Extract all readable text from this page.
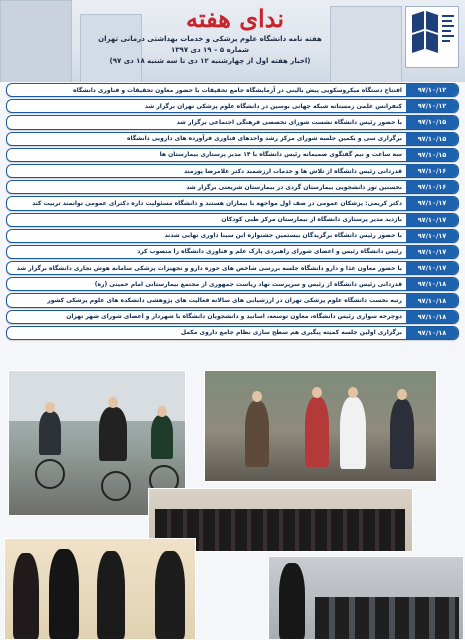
ندای هفته
هفته نامه دانشگاه علوم پزشکی و خدمات بهداشتی درمانی تهران
شماره ۵ – ۱۹ دی ۱۳۹۷
(اخبار هفته اول از چهارشنبه ۱۲ دی تا سه شنبه ۱۸ دی ۹۷)
۹۷/۱۰/۱۲
افتتاح دستگاه میکروسکوپی پیش بالینی در آزمایشگاه جامع تحقیقات با حضور معاون تحقیقات و فناوری دانشگاه
۹۷/۱۰/۱۲
کنفرانس علمی زمستانه شبکه جهانی بوسین در دانشگاه علوم پزشکی تهران برگزار شد
۹۷/۱۰/۱۵
با حضور رئیس دانشگاه نشست شورای تخصصی فرهنگی اجتماعی برگزار شد
۹۷/۱۰/۱۵
برگزاری سی و یکمین جلسه شورای مرکز رشد واحدهای فناوری فرآورده های دارویی دانشگاه
۹۷/۱۰/۱۵
سه ساعت و نیم گفتگوی صمیمانه رئیس دانشگاه با ۱۴ مدیر پرستاری بیمارستان ها
۹۷/۱۰/۱۶
قدردانی رئیس دانشگاه از تلاش ها و خدمات ارزشمند دکتر غلامرضا پورمند
۹۷/۱۰/۱۶
نخستین تور دانشجویی بیمارستان گردی در بیمارستان شریعتی برگزار شد
۹۷/۱۰/۱۷
دکتر کریمی: پزشکان عمومی در صف اول مواجهه با بیماران هستند و دانشگاه مسئولیت داره دکترای عمومی توانمند تربیت کند
۹۷/۱۰/۱۷
بازدید مدیر پرستاری دانشگاه از بیمارستان مرکز طبی کودکان
۹۷/۱۰/۱۷
با حضور رئیس دانشگاه برگزیدگان بیستمین جشنواره ابن سینا داوری نهایی شدند
۹۷/۱۰/۱۷
رئیس دانشگاه رئیس و اعضای شورای راهبردی پارک علم و فناوری دانشگاه را منصوب کرد
۹۷/۱۰/۱۷
با حضور معاون غذا و دارو دانشگاه جلسه بررسی شاخص های حوزه دارو و تجهیزات پزشکی سامانه هوش تجاری دانشگاه برگزار شد
۹۷/۱۰/۱۸
قدردانی رئیس دانشگاه از رئیس و سرپرست نهاد ریاست جمهوری از مجتمع بیمارستانی امام خمینی (ره)
۹۷/۱۰/۱۸
رتبه نخست دانشگاه علوم پزشکی تهران در ارزشیابی های سالانه فعالیت های پژوهشی دانشکده های علوم پزشکی کشور
۹۷/۱۰/۱۸
دوچرخه سواری رئیس دانشگاه، معاون توسعه، اساتید و دانشجویان دانشگاه با شهردار و اعضای شورای شهر تهران
۹۷/۱۰/۱۸
برگزاری اولین جلسه کمیته پیگیری هم سطح سازی نظام جامع داروی مکمل
